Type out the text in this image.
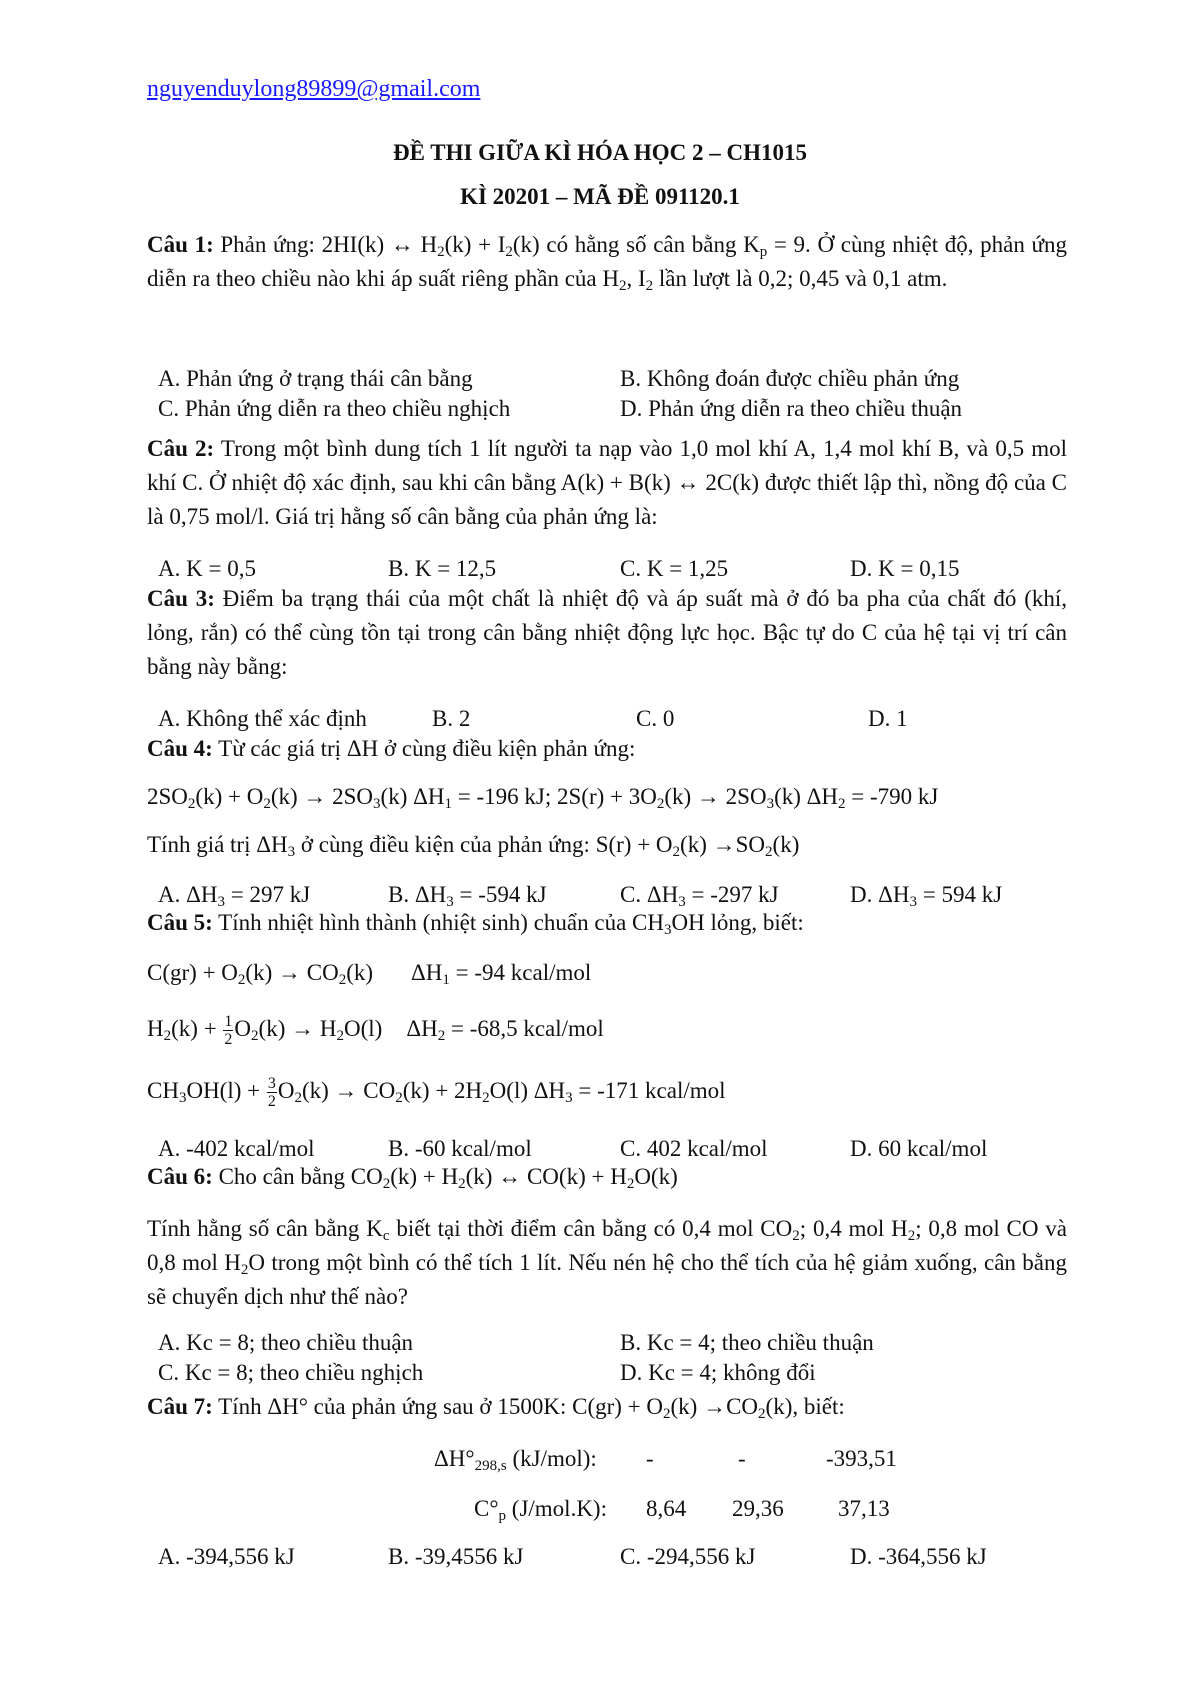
nguyenduylong89899@gmail.com
ĐỀ THI GIỮA KÌ HÓA HỌC 2 – CH1015
KÌ 20201 – MÃ ĐỀ 091120.1
Câu 1: Phản ứng: 2HI(k) ↔ $H_2(k) + I_2(k)$ có hằng số cân bằng $K_p = 9$. Ở cùng nhiệt độ, phản ứng diễn ra theo chiều nào khi áp suất riêng phần của $H_2$, $I_2$ lần lượt là 0,2; 0,45 và 0,1 atm.
A. Phản ứng ở trạng thái cân bằng	B. Không đoán được chiều phản ứng
C. Phản ứng diễn ra theo chiều nghịch	D. Phản ứng diễn ra theo chiều thuận
Câu 2: Trong một bình dung tích 1 lít người ta nạp vào 1,0 mol khí A, 1,4 mol khí B, và 0,5 mol khí C. Ở nhiệt độ xác định, sau khi cân bằng A(k) + B(k) ↔ 2C(k) được thiết lập thì, nồng độ của C là 0,75 mol/l. Giá trị hằng số cân bằng của phản ứng là:
A. K = 0,5	B. K = 12,5	C. K = 1,25	D. K = 0,15
Câu 3: Điểm ba trạng thái của một chất là nhiệt độ và áp suất mà ở đó ba pha của chất đó (khí, lỏng, rắn) có thể cùng tồn tại trong cân bằng nhiệt động lực học. Bậc tự do C của hệ tại vị trí cân bằng này bằng:
A. Không thể xác định	B. 2	C. 0	D. 1
Câu 4: Từ các giá trị ΔH ở cùng điều kiện phản ứng:
$2SO_2(k) + O_2(k) \to 2SO_3(k) \Delta H_1 = -196$ kJ; $2S(r) + 3O_2(k) \to 2SO_3(k) \Delta H_2 = -790$ kJ
Tính giá trị $\Delta H_3$ ở cùng điều kiện của phản ứng: $S(r) + O_2(k) \to SO_2(k)$
A. $\Delta H_3 = 297$ kJ	B. $\Delta H_3 = -594$ kJ	C. $\Delta H_3 = -297$ kJ	D. $\Delta H_3 = 594$ kJ
Câu 5: Tính nhiệt hình thành (nhiệt sinh) chuẩn của $CH_3OH$ lỏng, biết:
$C(gr) + O_2(k) \to CO_2(k) \Delta H_1 = -94$ kcal/mol
$H_2(k) + \frac{1}{2} O_2(k) \to H_2O(l) \Delta H_2 = -68,5$ kcal/mol
$CH_3OH(l) + \frac{3}{2} O_2(k) \to CO_2(k) + 2H_2O(l) \Delta H_3 = -171$ kcal/mol
A. -402 kcal/mol	B. -60 kcal/mol	C. 402 kcal/mol	D. 60 kcal/mol
Câu 6: Cho cân bằng $CO_2(k) + H_2(k)$ ↔ $CO(k) + H_2O(k)$
Tính hằng số cân bằng $K_c$ biết tại thời điểm cân bằng có 0,4 mol $CO_2$; 0,4 mol $H_2$; 0,8 mol CO và 0,8 mol $H_2O$ trong một bình có thể tích 1 lít. Nếu nén hệ cho thể tích của hệ giảm xuống, cân bằng sẽ chuyển dịch như thế nào?
A. Kc = 8; theo chiều thuận	B. Kc = 4; theo chiều thuận
C. Kc = 8; theo chiều nghịch	D. Kc = 4; không đổi
Câu 7: Tính ΔH° của phản ứng sau ở 1500K: $C(gr) + O_2(k) \to CO_2(k)$, biết:
$\Delta H^\circ_{298,s}$ (kJ/mol): -	-	-393,51
$C^\circ_p$ (J/mol.K): 8,64 29,36 37,13
A. -394,556 kJ	B. -39,4556 kJ	C. -294,556 kJ	D. -364,556 kJ
